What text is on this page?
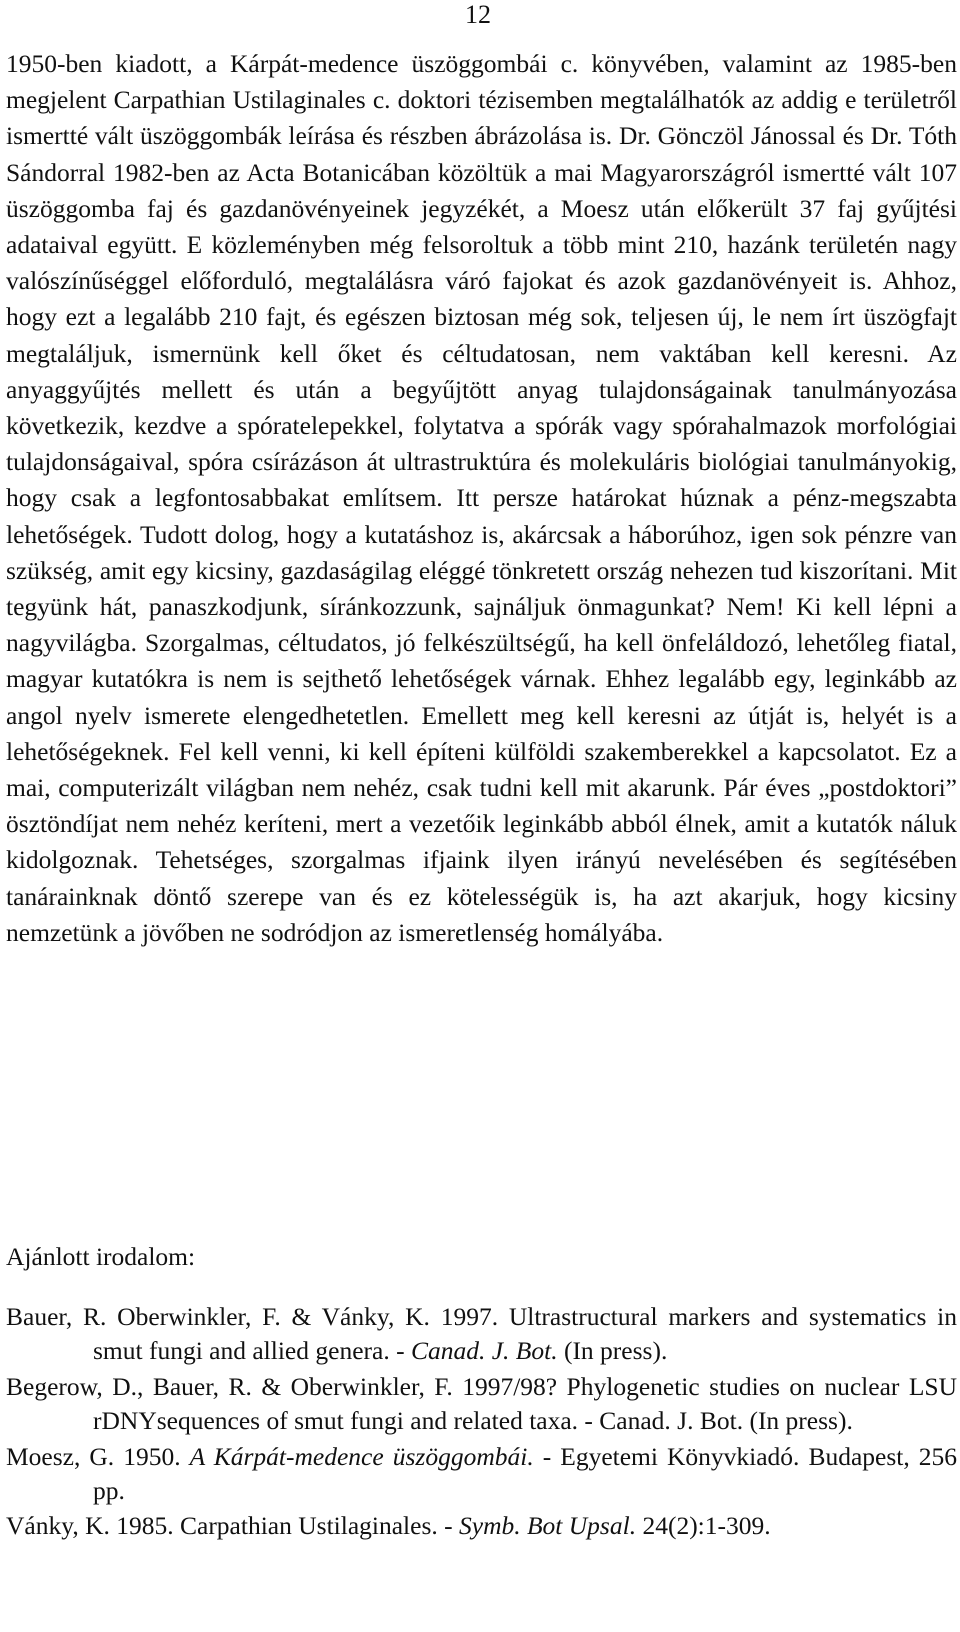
12

1950-ben kiadott, a Kárpát-medence üszöggombái c. könyvében, valamint az 1985-ben megjelent Carpathian Ustilaginales c. doktori tézisemben megtalálhatók az addig e területről ismertté vált üszöggombák leírása és részben ábrázolása is. Dr. Gönczöl Jánossal és Dr. Tóth Sándorral 1982-ben az Acta Botanicában közöltük a mai Magyarországról ismertté vált 107 üszöggomba faj és gazdanövényeinek jegyzékét, a Moesz után előkerült 37 faj gyűjtési adataival együtt. E közleményben még felsoroltuk a több mint 210, hazánk területén nagy valószínűséggel előforduló, megtalálásra váró fajokat és azok gazdanövényeit is. Ahhoz, hogy ezt a legalább 210 fajt, és egészen biztosan még sok, teljesen új, le nem írt üszögfajt megtaláljuk, ismernünk kell őket és céltudatosan, nem vaktában kell keresni. Az anyaggyűjtés mellett és után a begyűjtött anyag tulajdonságainak tanulmányozása következik, kezdve a spóratelepekkel, folytatva a spórák vagy spórahalmazok morfológiai tulajdonságaival, spóra csírázáson át ultrastruktúra és molekuláris biológiai tanulmányokig, hogy csak a legfontosabbakat említsem. Itt persze határokat húznak a pénz-megszabta lehetőségek. Tudott dolog, hogy a kutatáshoz is, akárcsak a háborúhoz, igen sok pénzre van szükség, amit egy kicsiny, gazdaságilag eléggé tönkretett ország nehezen tud kiszorítani. Mit tegyünk hát, panaszkodjunk, síránkozzunk, sajnáljuk önmagunkat? Nem! Ki kell lépni a nagyvilágba. Szorgalmas, céltudatos, jó felkészültségű, ha kell önfeláldozó, lehetőleg fiatal, magyar kutatókra is nem is sejthető lehetőségek várnak. Ehhez legalább egy, leginkább az angol nyelv ismerete elengedhetetlen. Emellett meg kell keresni az útját is, helyét is a lehetőségeknek. Fel kell venni, ki kell építeni külföldi szakemberekkel a kapcsolatot. Ez a mai, computerizált világban nem nehéz, csak tudni kell mit akarunk. Pár éves „postdoktori” ösztöndíjat nem nehéz keríteni, mert a vezetőik leginkább abból élnek, amit a kutatók náluk kidolgoznak. Tehetséges, szorgalmas ifjaink ilyen irányú nevelésében és segítésében tanárainknak döntő szerepe van és ez kötelességük is, ha azt akarjuk, hogy kicsiny nemzetünk a jövőben ne sodródjon az ismeretlenség homályába.

Ajánlott irodalom:
Bauer, R. Oberwinkler, F. & Vánky, K. 1997. Ultrastructural markers and systematics in smut fungi and allied genera. - Canad. J. Bot. (In press).
Begerow, D., Bauer, R. & Oberwinkler, F. 1997/98? Phylogenetic studies on nuclear LSU rDNYsequences of smut fungi and related taxa. - Canad. J. Bot. (In press).
Moesz, G. 1950. A Kárpát-medence üszöggombái. - Egyetemi Könyvkiadó. Budapest, 256 pp.
Vánky, K. 1985. Carpathian Ustilaginales. - Symb. Bot Upsal. 24(2):1-309.
